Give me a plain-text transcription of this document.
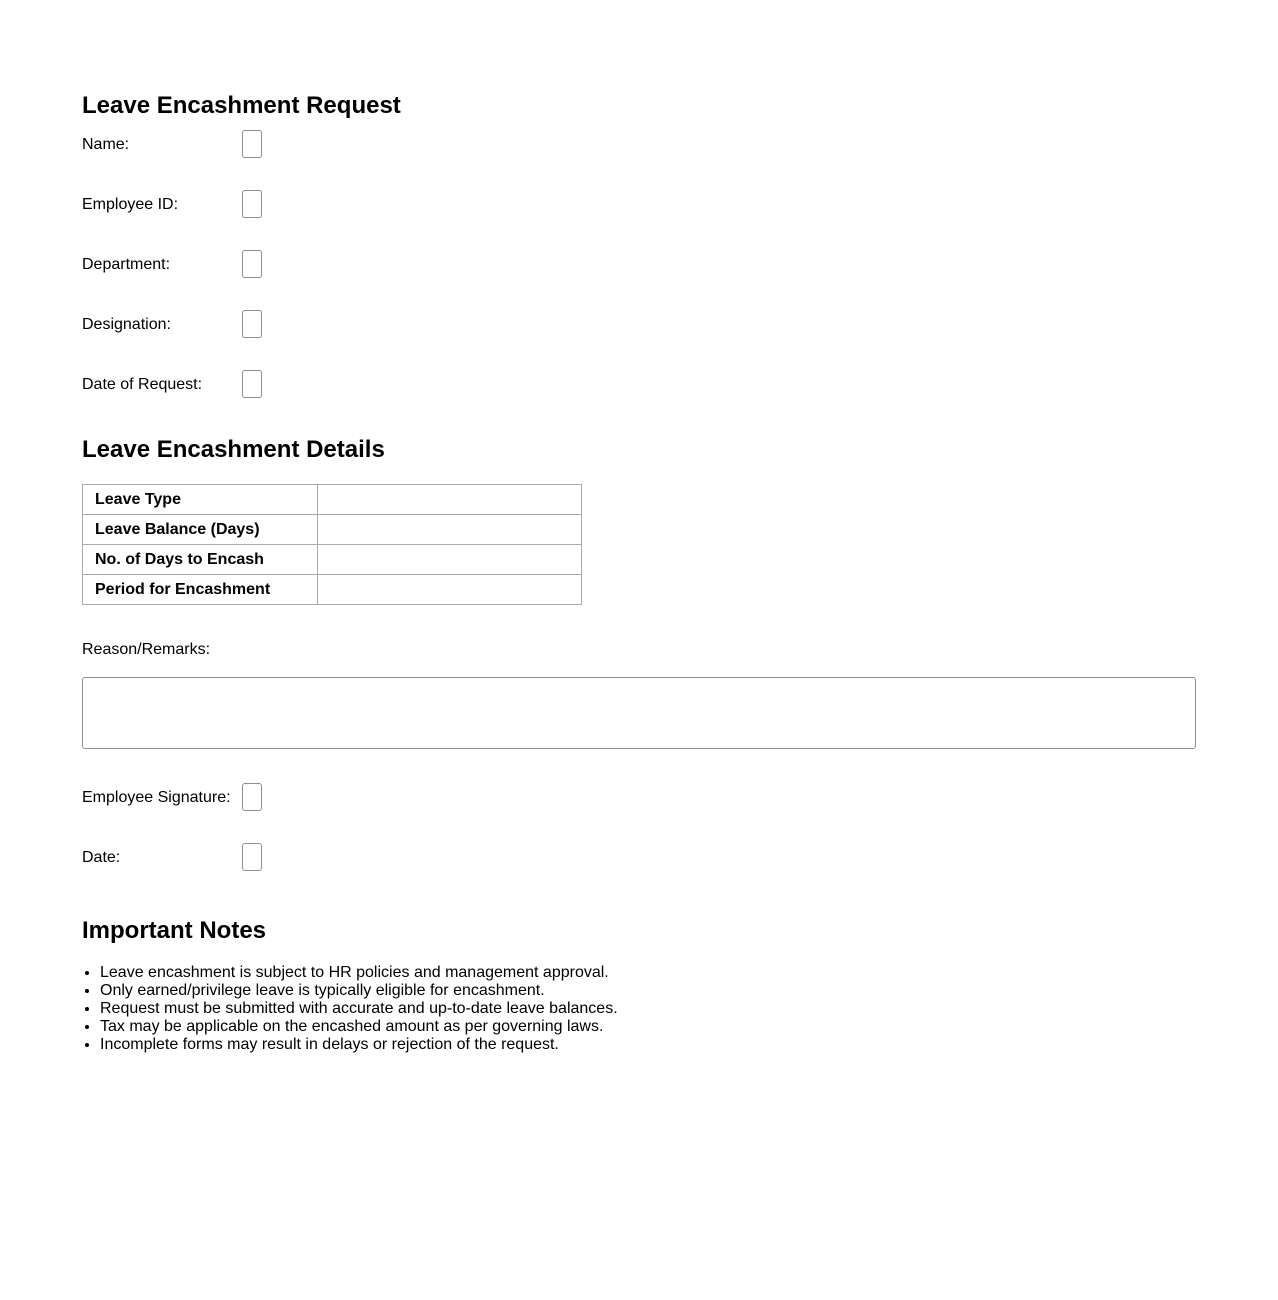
Leave Encashment Request
Name:
Employee ID:
Department:
Designation:
Date of Request:
Leave Encashment Details
Leave Type	
Leave Balance (Days)	
No. of Days to Encash	
Period for Encashment	
Reason/Remarks:
Employee Signature:
Date:
Important Notes
• Leave encashment is subject to HR policies and management approval.
• Only earned/privilege leave is typically eligible for encashment.
• Request must be submitted with accurate and up-to-date leave balances.
• Tax may be applicable on the encashed amount as per governing laws.
• Incomplete forms may result in delays or rejection of the request.
